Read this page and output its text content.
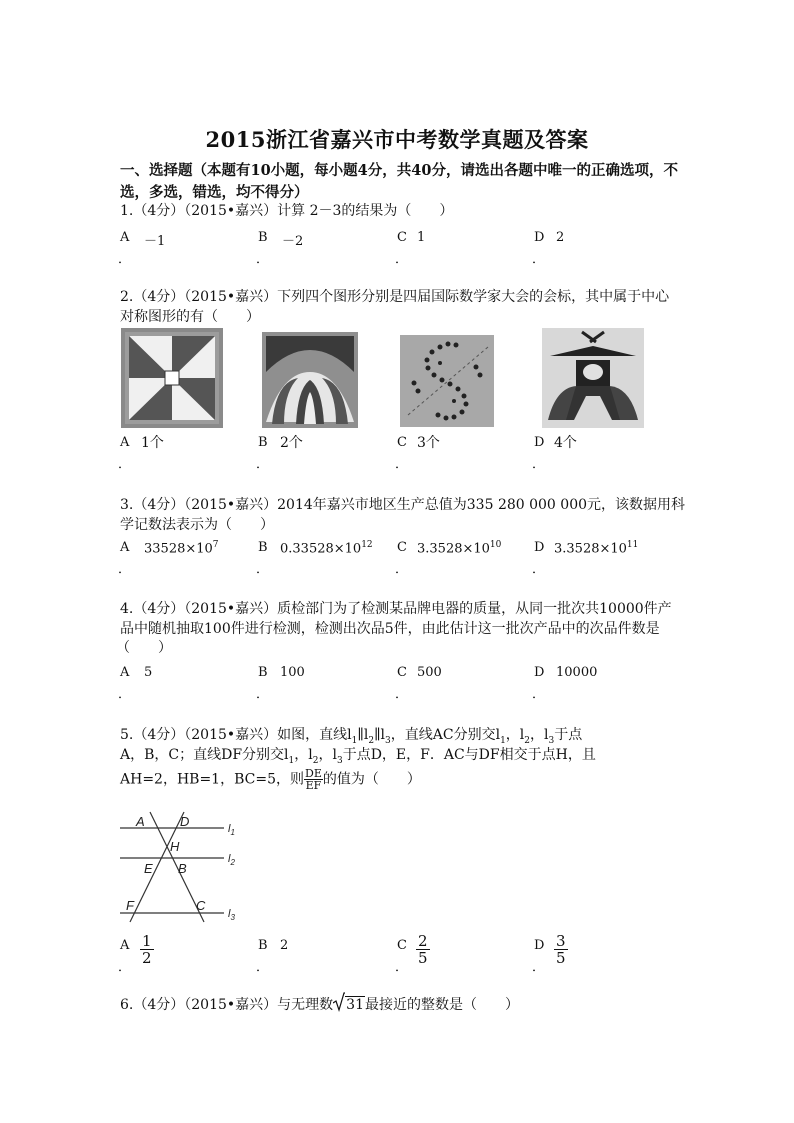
2015浙江省嘉兴市中考数学真题及答案
一、选择题（本题有10小题，每小题4分，共40分，请选出各题中唯一的正确选项，不选，多选，错选，均不得分）
1.（4分）（2015•嘉兴）计算 2－3的结果为（　　）
A －1
．
B －2
．
C 1
．
D 2
．
2.（4分）（2015•嘉兴）下列四个图形分别是四届国际数学家大会的会标，其中属于中心
对称图形的有（　　）
A 1个
．
B 2个
．
C 3个
．
D 4个
．
3.（4分）（2015•嘉兴）2014年嘉兴市地区生产总值为335 280 000 000元，该数据用科
学记数法表示为（　　）
A $33528\times 10^7$
．
B $0.33528\times 10^{12}$
．
C $3.3528\times 10^{10}$
．
D $3.3528\times 10^{11}$
．
4.（4分）（2015•嘉兴）质检部门为了检测某品牌电器的质量，从同一批次共10000件产
品中随机抽取100件进行检测，检测出次品5件，由此估计这一批次产品中的次品件数是
（　　）
A 5
．
B 100
．
C 500
．
D 10000
．
5.（4分）（2015•嘉兴）如图，直线$l_1\parallel l_2\parallel l_3$，直线AC分别交$l_1$，$l_2$，$l_3$于点
A，B，C；直线DF分别交$l_1$，$l_2$，$l_3$于点D，E，F．AC与DF相交于点H，且
AH=2，HB=1，BC=5，则 $\frac{DE}{EF}$ 的值为（　　）
A	D
H
E B
F	C
$l_1$
$l_2$
$l_3$
A $\frac{1}{2}$
．
B 2
．
C $\frac{2}{5}$
．
D $\frac{3}{5}$
．
6.（4分）（2015•嘉兴）与无理数 31最接近的整数是（　　）
